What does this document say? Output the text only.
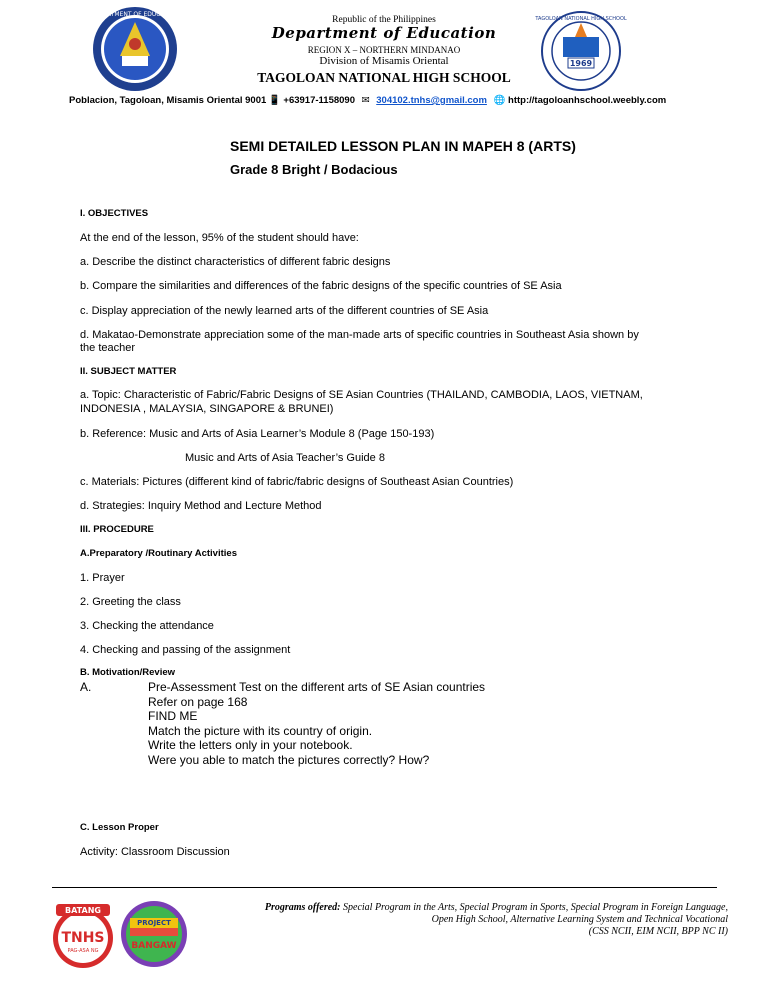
DEPARTMENT OF EDUCATION
1969
TAGOLOAN NATIONAL HIGH SCHOOL
Republic of the Philippines
Department of Education
REGION X – NORTHERN MINDANAO
Division of Misamis Oriental
TAGOLOAN NATIONAL HIGH SCHOOL
Poblacion, Tagoloan, Misamis Oriental 9001 📱 +63917-1158090 ✉ 304102.tnhs@gmail.com 🌐 http://tagoloanhschool.weebly.com
SEMI DETAILED LESSON PLAN IN MAPEH 8 (ARTS)
Grade 8 Bright / Bodacious
I. OBJECTIVES
At the end of the lesson, 95% of the student should have:
a. Describe the distinct characteristics of different fabric designs
b. Compare the similarities and differences of the fabric designs of the specific countries of SE Asia
c. Display appreciation of the newly learned arts of the different countries of SE Asia
d. Makatao-Demonstrate appreciation some of the man-made arts of specific countries in Southeast Asia shown by
the teacher
II. SUBJECT MATTER
a. Topic: Characteristic of Fabric/Fabric Designs of SE Asian Countries (THAILAND, CAMBODIA, LAOS, VIETNAM,
INDONESIA , MALAYSIA, SINGAPORE & BRUNEI)
b. Reference: Music and Arts of Asia Learner’s Module 8 (Page 150-193)
Music and Arts of Asia Teacher’s Guide 8
c. Materials: Pictures (different kind of fabric/fabric designs of Southeast Asian Countries)
d. Strategies: Inquiry Method and Lecture Method
III. PROCEDURE
A.Preparatory /Routinary Activities
1. Prayer
2. Greeting the class
3. Checking the attendance
4. Checking and passing of the assignment
B. Motivation/Review
A.	Pre-Assessment Test on the different arts of SE Asian countries
Refer on page 168
FIND ME
Match the picture with its country of origin.
Write the letters only in your notebook.
Were you able to match the pictures correctly? How?
C. Lesson Proper
Activity: Classroom Discussion
BATANG
TNHS
PAG-ASA NG
PROJECT
BANGAW
Programs offered: Special Program in the Arts, Special Program in Sports, Special Program in Foreign Language,
Open High School, Alternative Learning System and Technical Vocational
(CSS NCII, EIM NCII, BPP NC II)
